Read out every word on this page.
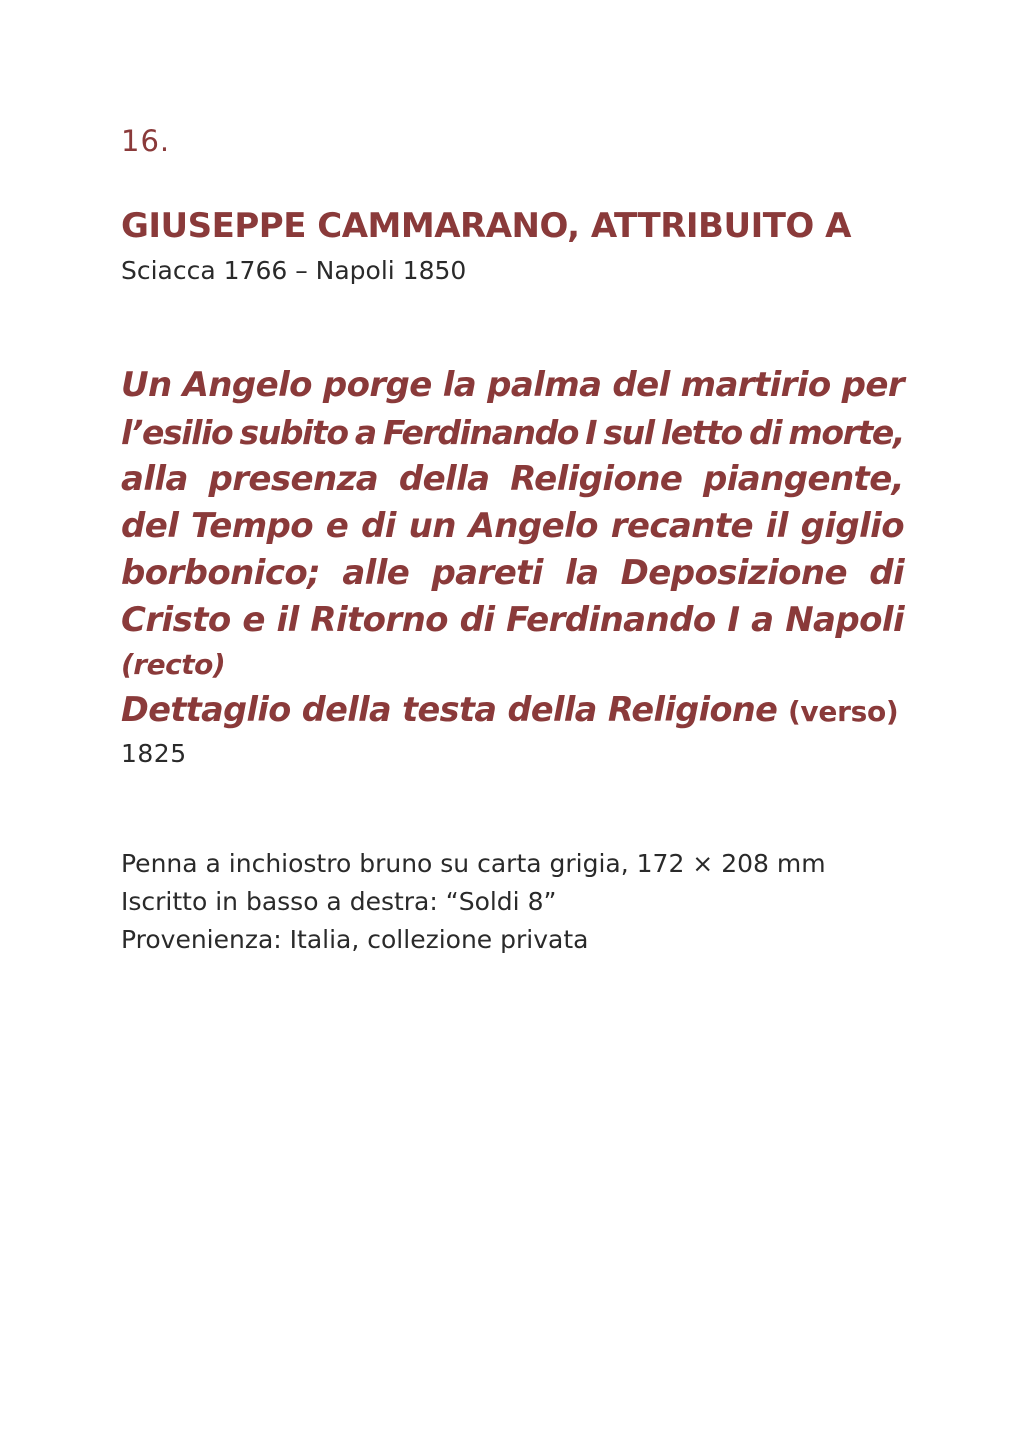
16.
GIUSEPPE CAMMARANO, ATTRIBUITO A
Sciacca 1766 – Napoli 1850
Un Angelo porge la palma del martirio per
l’esilio subito a Ferdinando I sul letto di morte,
alla presenza della Religione piangente,
del Tempo e di un Angelo recante il giglio
borbonico; alle pareti la Deposizione di
Cristo e il Ritorno di Ferdinando I a Napoli
(recto)
Dettaglio della testa della Religione (verso)
1825
Penna a inchiostro bruno su carta grigia, 172 × 208 mm
Iscritto in basso a destra: “Soldi 8”
Provenienza: Italia, collezione privata
